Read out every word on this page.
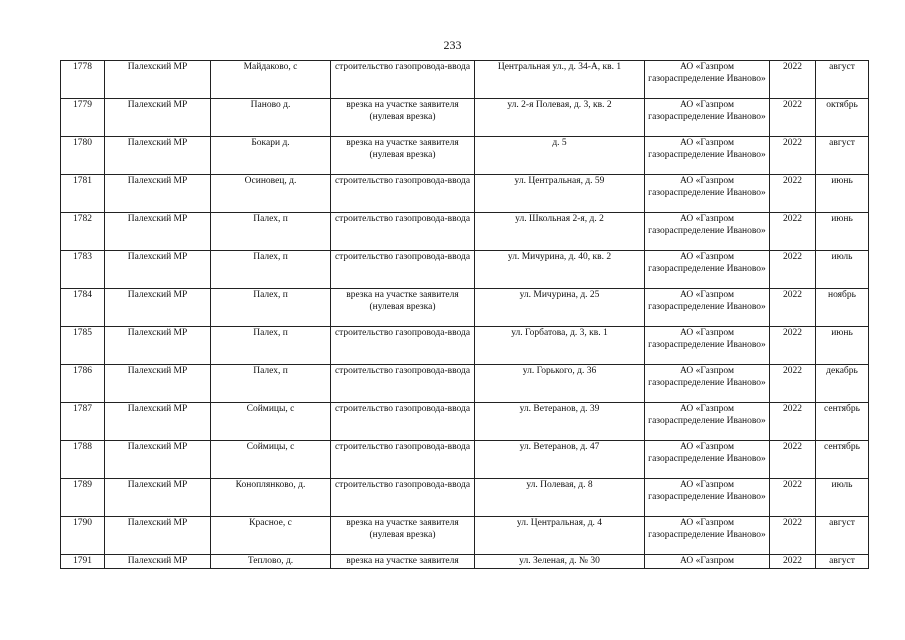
233
1778	Палехский МР	Майдаково, с	строительство газопровода-ввода	Центральная ул., д. 34-А, кв. 1	АО «Газпром газораспределение Иваново»	2022	август
1779	Палехский МР	Паново д.	врезка на участке заявителя (нулевая врезка)	ул. 2-я Полевая, д. 3, кв. 2	АО «Газпром газораспределение Иваново»	2022	октябрь
1780	Палехский МР	Бокари д.	врезка на участке заявителя (нулевая врезка)	д. 5	АО «Газпром газораспределение Иваново»	2022	август
1781	Палехский МР	Осиновец, д.	строительство газопровода-ввода	ул. Центральная, д. 59	АО «Газпром газораспределение Иваново»	2022	июнь
1782	Палехский МР	Палех, п	строительство газопровода-ввода	ул. Школьная 2-я, д. 2	АО «Газпром газораспределение Иваново»	2022	июнь
1783	Палехский МР	Палех, п	строительство газопровода-ввода	ул. Мичурина, д. 40, кв. 2	АО «Газпром газораспределение Иваново»	2022	июль
1784	Палехский МР	Палех, п	врезка на участке заявителя (нулевая врезка)	ул. Мичурина, д. 25	АО «Газпром газораспределение Иваново»	2022	ноябрь
1785	Палехский МР	Палех, п	строительство газопровода-ввода	ул. Горбатова, д. 3, кв. 1	АО «Газпром газораспределение Иваново»	2022	июнь
1786	Палехский МР	Палех, п	строительство газопровода-ввода	ул. Горького, д. 36	АО «Газпром газораспределение Иваново»	2022	декабрь
1787	Палехский МР	Соймицы, с	строительство газопровода-ввода	ул. Ветеранов, д. 39	АО «Газпром газораспределение Иваново»	2022	сентябрь
1788	Палехский МР	Соймицы, с	строительство газопровода-ввода	ул. Ветеранов, д. 47	АО «Газпром газораспределение Иваново»	2022	сентябрь
1789	Палехский МР	Коноплянково, д.	строительство газопровода-ввода	ул. Полевая, д. 8	АО «Газпром газораспределение Иваново»	2022	июль
1790	Палехский МР	Красное, с	врезка на участке заявителя (нулевая врезка)	ул. Центральная, д. 4	АО «Газпром газораспределение Иваново»	2022	август
1791	Палехский МР	Теплово, д.	врезка на участке заявителя	ул. Зеленая, д. № 30	АО «Газпром	2022	август
